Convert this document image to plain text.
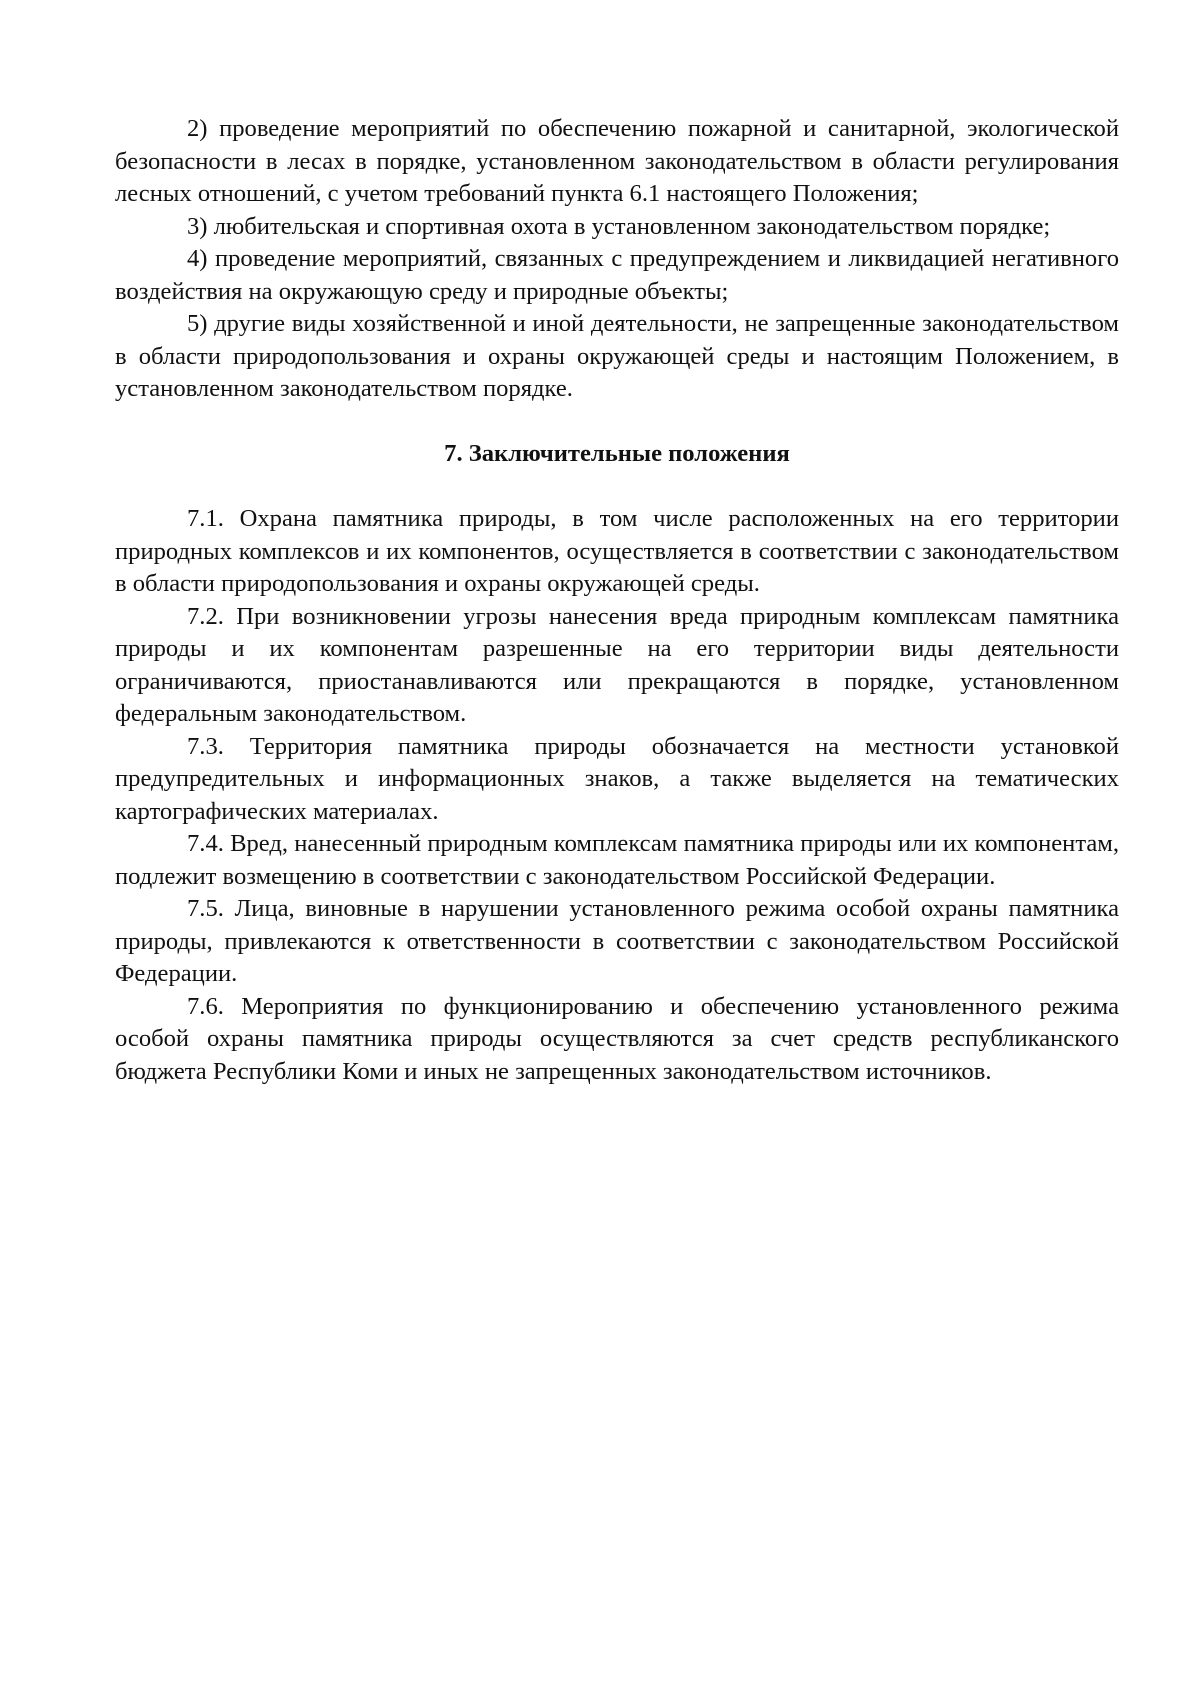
2) проведение мероприятий по обеспечению пожарной и санитарной, экологической безопасности в лесах в порядке, установленном законодательством в области регулирования лесных отношений, с учетом требований пункта 6.1 настоящего Положения;

3) любительская и спортивная охота в установленном законодательством порядке;

4) проведение мероприятий, связанных с предупреждением и ликвидацией негативного воздействия на окружающую среду и природные объекты;

5) другие виды хозяйственной и иной деятельности, не запрещенные законодательством в области природопользования и охраны окружающей среды и настоящим Положением, в установленном законодательством порядке.

7. Заключительные положения

7.1. Охрана памятника природы, в том числе расположенных на его территории природных комплексов и их компонентов, осуществляется в соответствии с законодательством в области природопользования и охраны окружающей среды.

7.2. При возникновении угрозы нанесения вреда природным комплексам памятника природы и их компонентам разрешенные на его территории виды деятельности ограничиваются, приостанавливаются или прекращаются в порядке, установленном федеральным законодательством.

7.3. Территория памятника природы обозначается на местности установкой предупредительных и информационных знаков, а также выделяется на тематических картографических материалах.

7.4. Вред, нанесенный природным комплексам памятника природы или их компонентам, подлежит возмещению в соответствии с законодательством Российской Федерации.

7.5. Лица, виновные в нарушении установленного режима особой охраны памятника природы, привлекаются к ответственности в соответствии с законодательством Российской Федерации.

7.6. Мероприятия по функционированию и обеспечению установленного режима особой охраны памятника природы осуществляются за счет средств республиканского бюджета Республики Коми и иных не запрещенных законодательством источников.
